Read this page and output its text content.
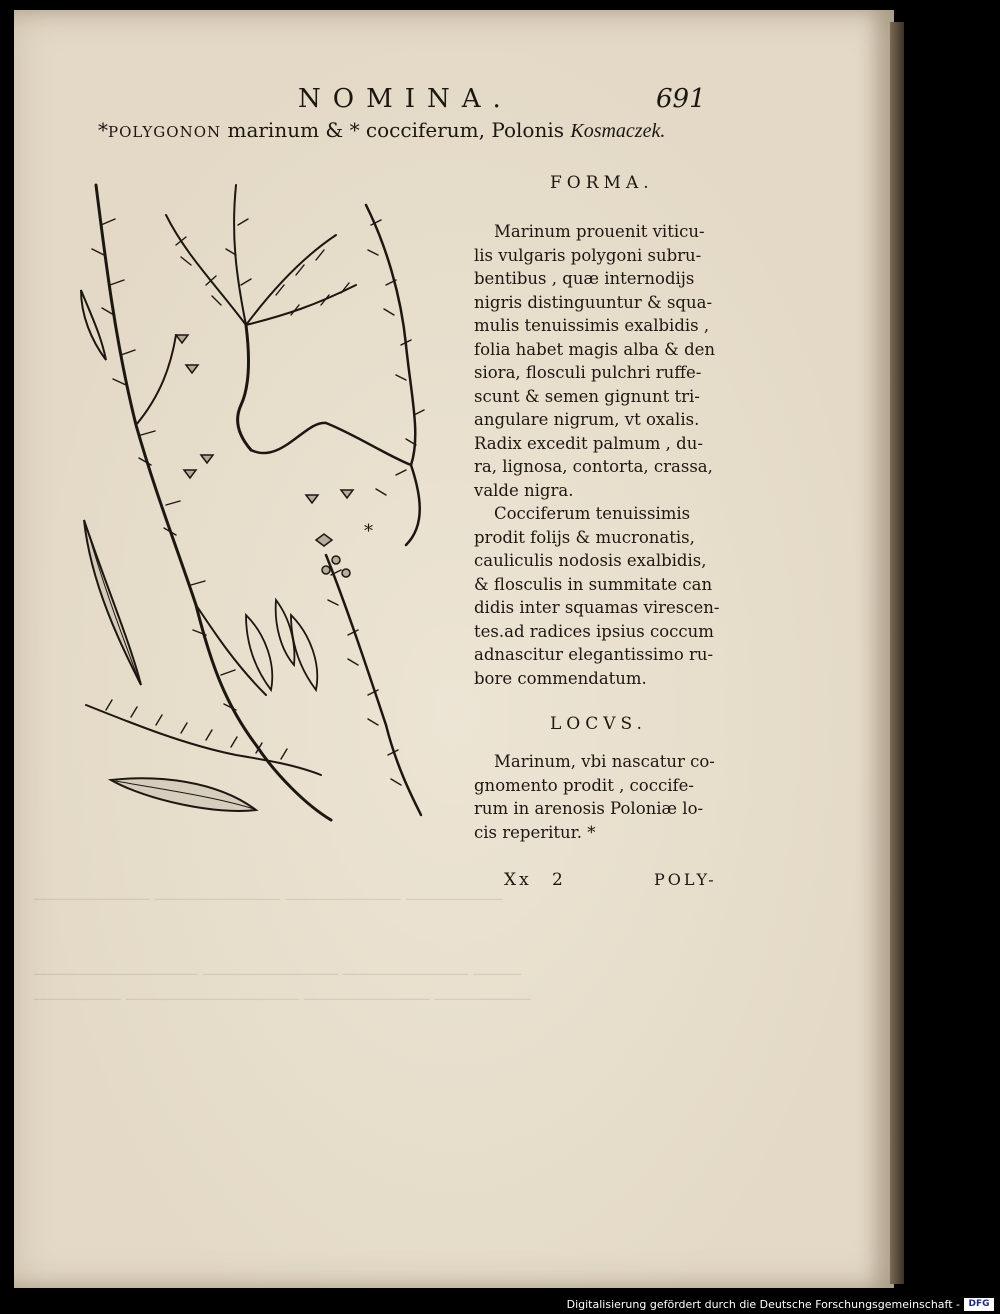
──────────── ───────────── ──────────── ──────────
───────────────── ────────────── ───────────── ─────
───────── ────────────────── ───────────── ──────────
NOMINA.	691
*POLYGONON marinum & * cocciferum, Polonis Kosmaczek.
*
FORMA.
Marinum prouenit viticu-
lis vulgaris polygoni subru-
bentibus , quæ internodijs
nigris distinguuntur & squa-
mulis tenuissimis exalbidis ,
folia habet magis alba & den
siora, flosculi pulchri ruffe-
scunt & semen gignunt tri-
angulare nigrum, vt oxalis.
Radix excedit palmum , du-
ra, lignosa, contorta, crassa,
valde nigra.
Cocciferum tenuissimis
prodit folijs & mucronatis,
cauliculis nodosis exalbidis,
& flosculis in summitate can
didis inter squamas virescen-
tes.ad radices ipsius coccum
adnascitur elegantissimo ru-
bore commendatum.
LOCVS.
Marinum, vbi nascatur co-
gnomento prodit , coccife-
rum in arenosis Poloniæ lo-
cis reperitur. *
Xx 2	POLY-
Digitalisierung gefördert durch die Deutsche Forschungsgemeinschaft - DFG
